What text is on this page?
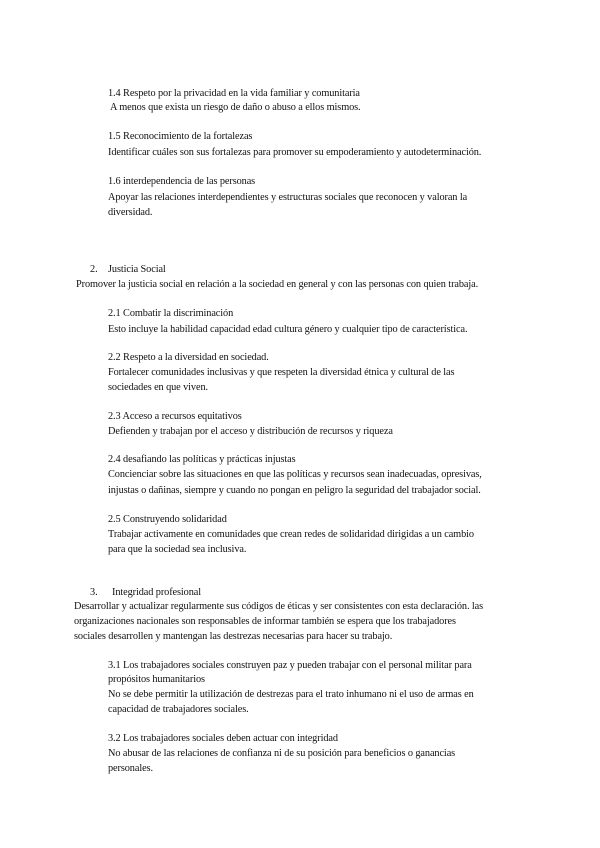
1.4 Respeto por la privacidad en la vida familiar y comunitaria
A menos que exista un riesgo de daño o abuso a ellos mismos.
1.5 Reconocimiento de la fortalezas
Identificar cuáles son sus fortalezas para promover su empoderamiento y autodeterminación.
1.6 interdependencia de las personas
Apoyar las relaciones interdependientes y estructuras sociales que reconocen y valoran la
diversidad.
2. Justicia Social
Promover la justicia social en relación a la sociedad en general y con las personas con quien trabaja.
2.1 Combatir la discriminación
Esto incluye la habilidad capacidad edad cultura género y cualquier tipo de característica.
2.2 Respeto a la diversidad en sociedad.
Fortalecer comunidades inclusivas y que respeten la diversidad étnica y cultural de las
sociedades en que viven.
2.3 Acceso a recursos equitativos
Defienden y trabajan por el acceso y distribución de recursos y riqueza
2.4 desafiando las políticas y prácticas injustas
Concienciar sobre las situaciones en que las políticas y recursos sean inadecuadas, opresivas,
injustas o dañinas, siempre y cuando no pongan en peligro la seguridad del trabajador social.
2.5 Construyendo solidaridad
Trabajar activamente en comunidades que crean redes de solidaridad dirigidas a un cambio
para que la sociedad sea inclusiva.
3. Integridad profesional
Desarrollar y actualizar regularmente sus códigos de éticas y ser consistentes con esta declaración. las
organizaciones nacionales son responsables de informar también se espera que los trabajadores
sociales desarrollen y mantengan las destrezas necesarias para hacer su trabajo.
3.1 Los trabajadores sociales construyen paz y pueden trabajar con el personal militar para
propósitos humanitarios
No se debe permitir la utilización de destrezas para el trato inhumano ni el uso de armas en
capacidad de trabajadores sociales.
3.2 Los trabajadores sociales deben actuar con integridad
No abusar de las relaciones de confianza ni de su posición para beneficios o ganancias
personales.
